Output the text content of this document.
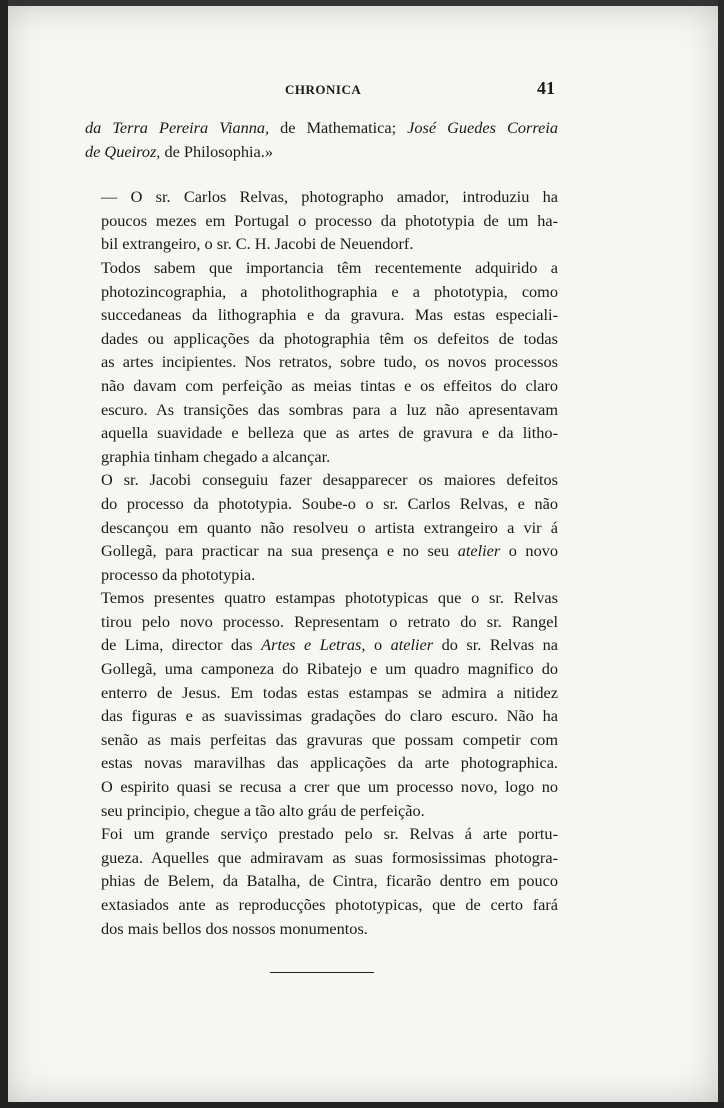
CHRONICA	41

da Terra Pereira Vianna, de Mathematica; José Guedes Correia
de Queiroz, de Philosophia.»

— O sr. Carlos Relvas, photographo amador, introduziu ha
poucos mezes em Portugal o processo da phototypia de um ha-
bil extrangeiro, o sr. C. H. Jacobi de Neuendorf.

Todos sabem que importancia têm recentemente adquirido a
photozincographia, a photolithographia e a phototypia, como
succedaneas da lithographia e da gravura. Mas estas especiali-
dades ou applicações da photographia têm os defeitos de todas
as artes incipientes. Nos retratos, sobre tudo, os novos processos
não davam com perfeição as meias tintas e os effeitos do claro
escuro. As transições das sombras para a luz não apresentavam
aquella suavidade e belleza que as artes de gravura e da litho-
graphia tinham chegado a alcançar.

O sr. Jacobi conseguiu fazer desapparecer os maiores defeitos
do processo da phototypia. Soube-o o sr. Carlos Relvas, e não
descançou em quanto não resolveu o artista extrangeiro a vir á
Gollegã, para practicar na sua presença e no seu atelier o novo
processo da phototypia.

Temos presentes quatro estampas phototypicas que o sr. Relvas
tirou pelo novo processo. Representam o retrato do sr. Rangel
de Lima, director das Artes e Letras, o atelier do sr. Relvas na
Gollegã, uma camponeza do Ribatejo e um quadro magnifico do
enterro de Jesus. Em todas estas estampas se admira a nitidez
das figuras e as suavissimas gradações do claro escuro. Não ha
senão as mais perfeitas das gravuras que possam competir com
estas novas maravilhas das applicações da arte photographica.
O espirito quasi se recusa a crer que um processo novo, logo no
seu principio, chegue a tão alto gráu de perfeição.

Foi um grande serviço prestado pelo sr. Relvas á arte portu-
gueza. Aquelles que admiravam as suas formosissimas photogra-
phias de Belem, da Batalha, de Cintra, ficarão dentro em pouco
extasiados ante as reproducções phototypicas, que de certo fará
dos mais bellos dos nossos monumentos.
